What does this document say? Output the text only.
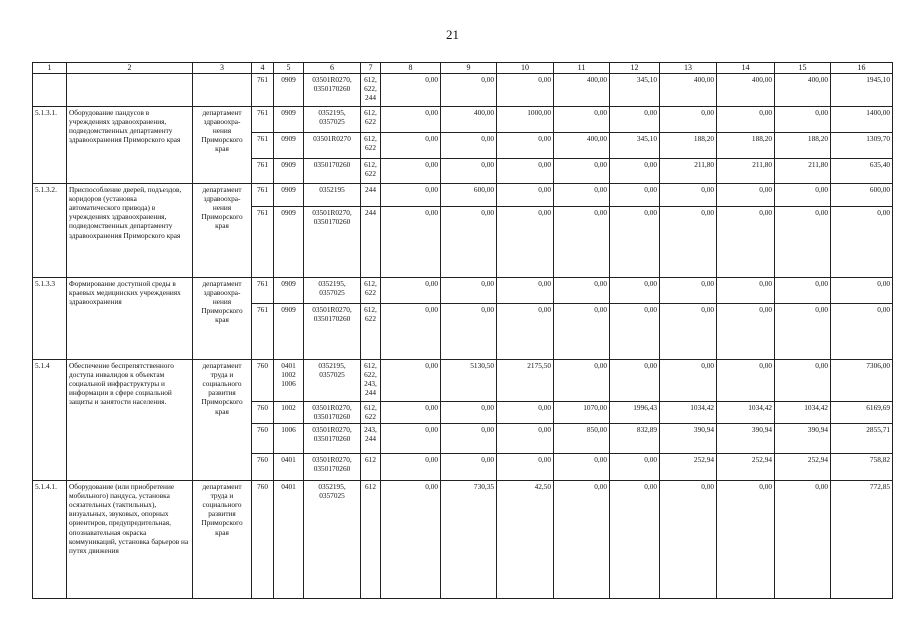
21
1	2	3	4	5	6	7	8	9	10	11	12	13	14	15	16
			761	0909	03501R0270, 0350170260	612, 622, 244	0,00	0,00	0,00	400,00	345,10	400,00	400,00	400,00	1945,10
5.1.3.1.	Оборудование пандусов в учреждениях здравоохранения, подведомственных департаменту здравоохранения Приморского края	департамент здравоохра-нения Приморского края	761	0909	0352195, 0357025	612, 622	0,00	400,00	1000,00	0,00	0,00	0,00	0,00	0,00	1400,00
			761	0909	03501R0270	612, 622	0,00	0,00	0,00	400,00	345,10	188,20	188,20	188,20	1309,70
			761	0909	0350170260	612, 622	0,00	0,00	0,00	0,00	0,00	211,80	211,80	211,80	635,40
5.1.3.2.	Приспособление дверей, подъездов, коридоров (установка автоматического привода) в учреждениях здравоохранения, подведомственных департаменту здравоохранения Приморского края	департамент здравоохра-нения Приморского края	761	0909	0352195	244	0,00	600,00	0,00	0,00	0,00	0,00	0,00	0,00	600,00
			761	0909	03501R0270, 0350170260	244	0,00	0,00	0,00	0,00	0,00	0,00	0,00	0,00	0,00
5.1.3.3	Формирование доступной среды в краевых медицинских учреждениях здравоохранения	департамент здравоохра-нения Приморского края	761	0909	0352195, 0357025	612, 622	0,00	0,00	0,00	0,00	0,00	0,00	0,00	0,00	0,00
			761	0909	03501R0270, 0350170260	612, 622	0,00	0,00	0,00	0,00	0,00	0,00	0,00	0,00	0,00
5.1.4	Обеспечение беспрепятственного доступа инвалидов к объектам социальной инфраструктуры и информации в сфере социальной защиты и занятости населения.	департамент труда и социального развития Приморского края	760	0401 1002 1006	0352195, 0357025	612, 622, 243, 244	0,00	5130,50	2175,50	0,00	0,00	0,00	0,00	0,00	7306,00
			760	1002	03501R0270, 0350170260	612, 622	0,00	0,00	0,00	1070,00	1996,43	1034,42	1034,42	1034,42	6169,69
			760	1006	03501R0270, 0350170260	243, 244	0,00	0,00	0,00	850,00	832,89	390,94	390,94	390,94	2855,71
			760	0401	03501R0270, 0350170260	612	0,00	0,00	0,00	0,00	0,00	252,94	252,94	252,94	758,82
5.1.4.1.	Оборудование (или приобретение мобильного) пандуса, установка осязательных (тактильных), визуальных, звуковых, опорных ориентиров, предупредительная, опознавательная окраска коммуникаций, установка барьеров на путях движения	департамент труда и социального развития Приморского края	760	0401	0352195, 0357025	612	0,00	730,35	42,50	0,00	0,00	0,00	0,00	0,00	772,85
